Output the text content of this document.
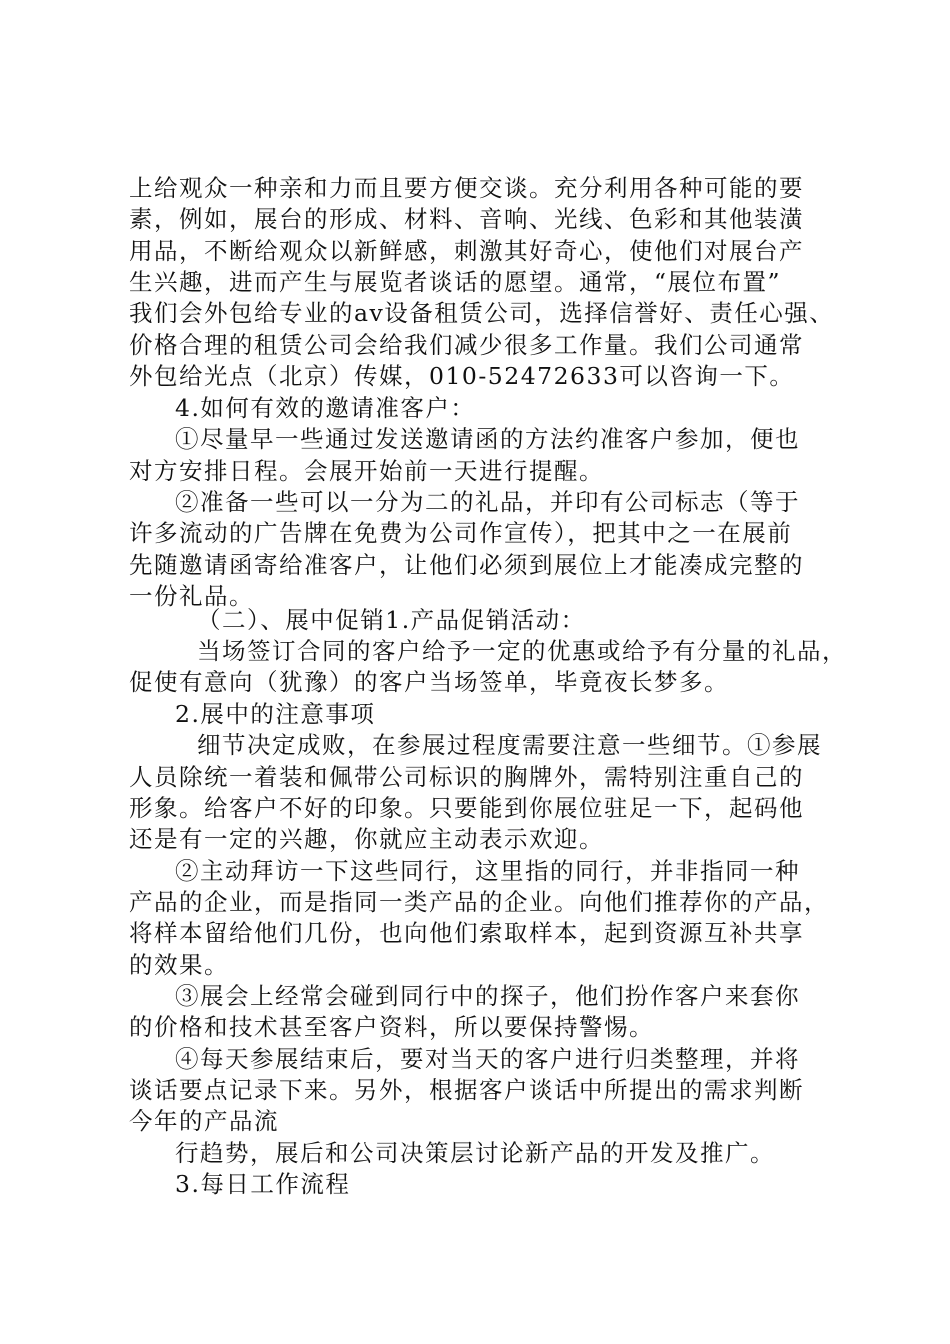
上给观众一种亲和力而且要方便交谈。充分利用各种可能的要
素，例如，展台的形成、材料、音响、光线、色彩和其他装潢
用品，不断给观众以新鲜感，刺激其好奇心，使他们对展台产
生兴趣，进而产生与展览者谈话的愿望。通常，“展位布置”
我们会外包给专业的av设备租赁公司，选择信誉好、责任心强、
价格合理的租赁公司会给我们减少很多工作量。我们公司通常
外包给光点（北京）传媒，010-52472633可以咨询一下。
4.如何有效的邀请准客户：
①尽量早一些通过发送邀请函的方法约准客户参加，便也
对方安排日程。会展开始前一天进行提醒。
②准备一些可以一分为二的礼品，并印有公司标志（等于
许多流动的广告牌在免费为公司作宣传），把其中之一在展前
先随邀请函寄给准客户，让他们必须到展位上才能凑成完整的
一份礼品。
（二）、展中促销1.产品促销活动：
当场签订合同的客户给予一定的优惠或给予有分量的礼品，
促使有意向（犹豫）的客户当场签单，毕竟夜长梦多。
2.展中的注意事项
细节决定成败，在参展过程度需要注意一些细节。①参展
人员除统一着装和佩带公司标识的胸牌外，需特别注重自己的
形象。给客户不好的印象。只要能到你展位驻足一下，起码他
还是有一定的兴趣，你就应主动表示欢迎。
②主动拜访一下这些同行，这里指的同行，并非指同一种
产品的企业，而是指同一类产品的企业。向他们推荐你的产品，
将样本留给他们几份，也向他们索取样本，起到资源互补共享
的效果。
③展会上经常会碰到同行中的探子，他们扮作客户来套你
的价格和技术甚至客户资料，所以要保持警惕。
④每天参展结束后，要对当天的客户进行归类整理，并将
谈话要点记录下来。另外，根据客户谈话中所提出的需求判断
今年的产品流
行趋势，展后和公司决策层讨论新产品的开发及推广。
3.每日工作流程
